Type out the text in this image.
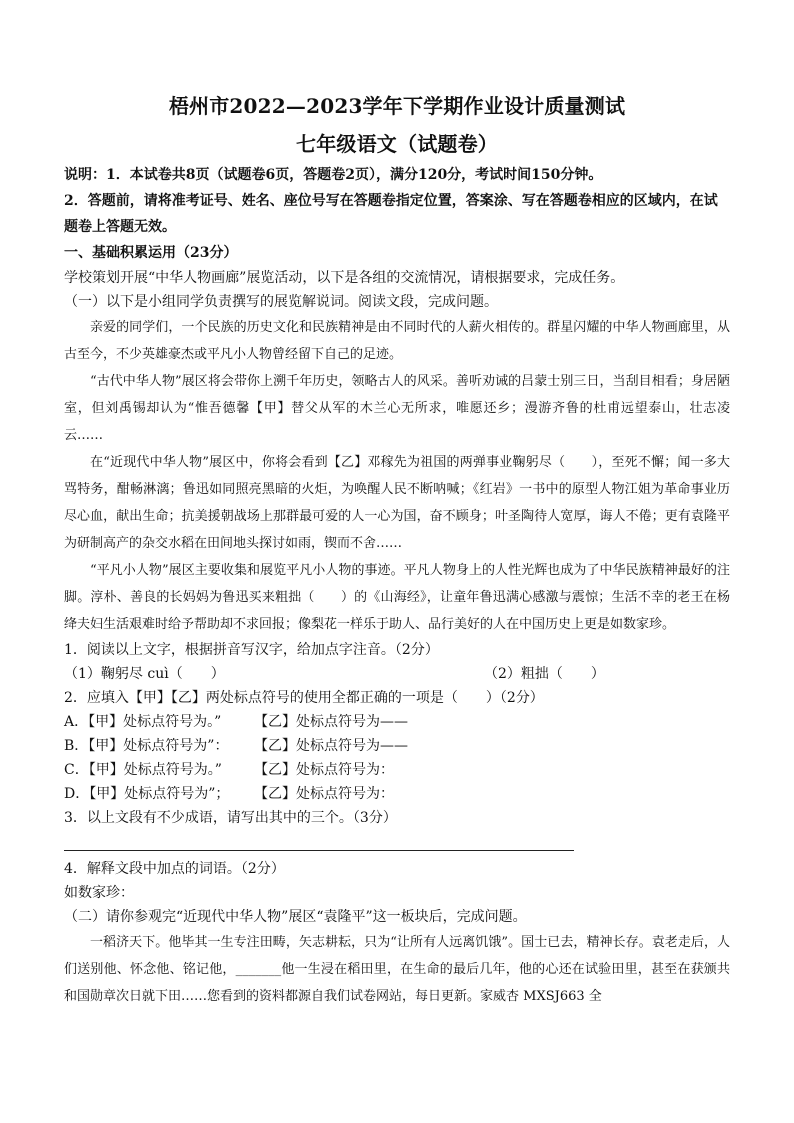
梧州市2022—2023学年下学期作业设计质量测试

七年级语文（试题卷）

说明：1．本试卷共8页（试题卷6页，答题卷2页），满分120分，考试时间150分钟。

2．答题前，请将准考证号、姓名、座位号写在答题卷指定位置，答案涂、写在答题卷相应的区域内，在试题卷上答题无效。

一、基础积累运用（23分）

学校策划开展“中华人物画廊”展览活动，以下是各组的交流情况，请根据要求，完成任务。

（一）以下是小组同学负责撰写的展览解说词。阅读文段，完成问题。

亲爱的同学们，一个民族的历史文化和民族精神是由不同时代的人薪火相传的。群星闪耀的中华人物画廊里，从古至今，不少英雄豪杰或平凡小人物曾经留下自己的足迹。

“古代中华人物”展区将会带你上溯千年历史，领略古人的风采。善听劝诫的吕蒙士别三日，当刮目相看；身居陋室，但刘禹锡却认为“惟吾德馨【甲】替父从军的木兰心无所求，唯愿还乡；漫游齐鲁的杜甫远望泰山，壮志凌云……

在“近现代中华人物”展区中，你将会看到【乙】邓稼先为祖国的两弹事业鞠躬尽（　　），至死不懈；闻一多大骂特务，酣畅淋漓；鲁迅如同照亮黑暗的火炬，为唤醒人民不断呐喊；《红岩》一书中的原型人物江姐为革命事业历尽心血，献出生命；抗美援朝战场上那群最可爱的人一心为国，奋不顾身；叶圣陶待人宽厚，诲人不倦；更有袁隆平为研制高产的杂交水稻在田间地头探讨如雨，锲而不舍……

“平凡小人物”展区主要收集和展览平凡小人物的事迹。平凡人物身上的人性光辉也成为了中华民族精神最好的注脚。淳朴、善良的长妈妈为鲁迅买来粗拙（　　）的《山海经》，让童年鲁迅满心感激与震惊；生活不幸的老王在杨绛夫妇生活艰难时给予帮助却不求回报；像梨花一样乐于助人、品行美好的人在中国历史上更是如数家珍。

1．阅读以上文字，根据拼音写汉字，给加点字注音。（2分）

（1）鞠躬尽 cuì（　　）	（2）粗拙（　　）

2．应填入【甲】【乙】两处标点符号的使用全都正确的一项是（　　）（2分）

A．【甲】处标点符号为。”	【乙】处标点符号为——
B．【甲】处标点符号为”：	【乙】处标点符号为——
C．【甲】处标点符号为。”	【乙】处标点符号为：
D．【甲】处标点符号为”；	【乙】处标点符号为：

3．以上文段有不少成语，请写出其中的三个。（3分）

4．解释文段中加点的词语。（2分）

如数家珍：

（二）请你参观完“近现代中华人物”展区“袁隆平”这一板块后，完成问题。

一稻济天下。他毕其一生专注田畴，矢志耕耘，只为“让所有人远离饥饿”。国士已去，精神长存。袁老走后，人们送别他、怀念他、铭记他，_______他一生浸在稻田里，在生命的最后几年，他的心还在试验田里，甚至在获颁共和国勋章次日就下田……您看到的资料都源自我们试卷网站，每日更新。家威杏 MXSJ663 全
